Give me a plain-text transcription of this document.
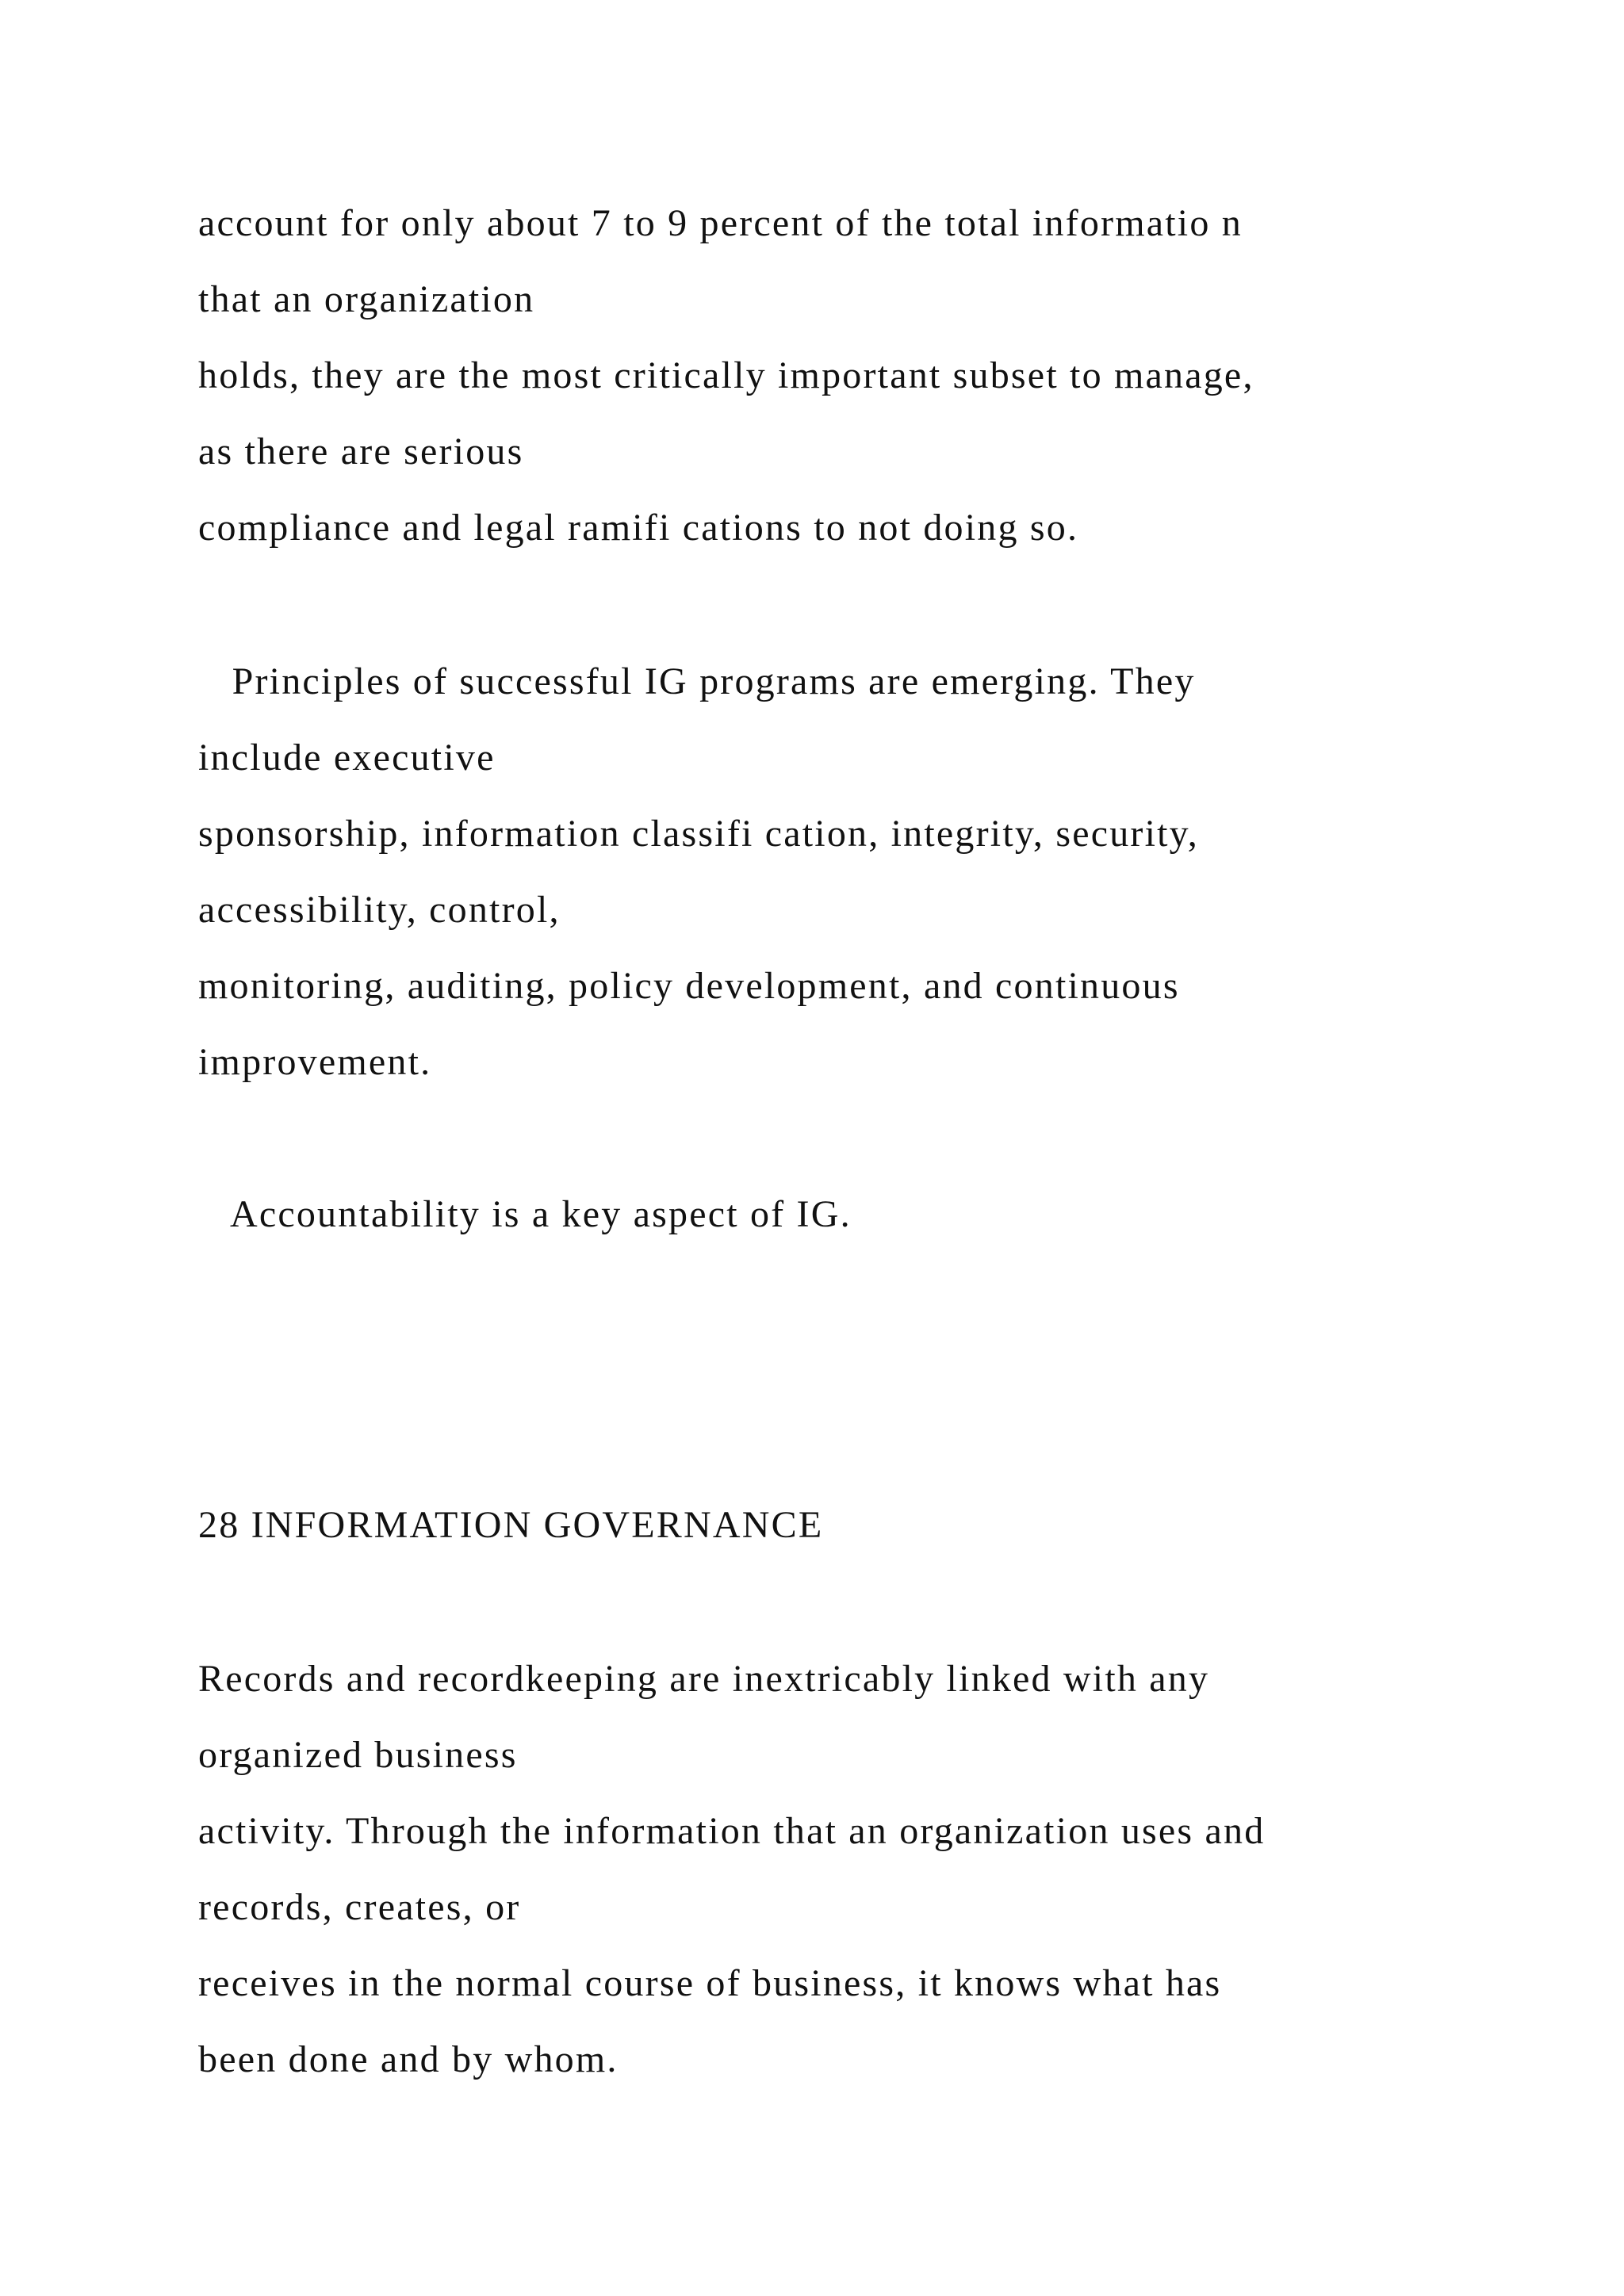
account for only about 7 to 9 percent of the total informatio n

that an organization

holds, they are the most critically important subset to manage,

as there are serious

compliance and legal ramifi cations to not doing so.

Principles of successful IG programs are emerging. They

include executive

sponsorship, information classifi cation, integrity, security,

accessibility, control,

monitoring, auditing, policy development, and continuous

improvement.

Accountability is a key aspect of IG.

28 INFORMATION GOVERNANCE

Records and recordkeeping are inextricably linked with any

organized business

activity. Through the information that an organization uses and

records, creates, or

receives in the normal course of business, it knows what has

been done and by whom.
